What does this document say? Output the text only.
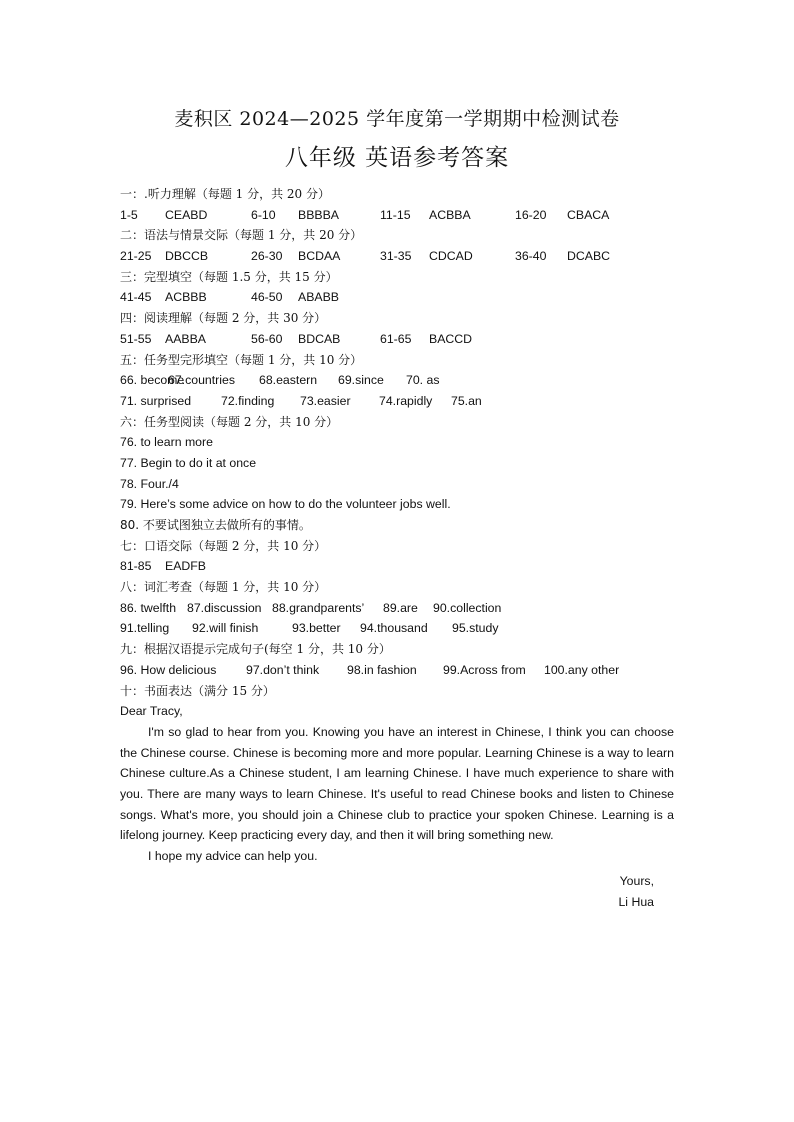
麦积区 2024—2025 学年度第一学期期中检测试卷
八年级 英语参考答案
一：.听力理解（每题 1 分，共 20 分）
1-5 CEABD	6-10 BBBBA	11-15 ACBBA	16-20 CBACA
二：语法与情景交际（每题 1 分，共 20 分）
21-25 DBCCB	26-30 BCDAA	31-35 CDCAD	36-40 DCABC
三：完型填空（每题 1.5 分，共 15 分）
41-45 ACBBB	46-50 ABABB
四：阅读理解（每题 2 分，共 30 分）
51-55 AABBA	56-60 BDCAB	61-65 BACCD
五：任务型完形填空（每题 1 分，共 10 分）
66. become67.countries 68.eastern 69.since 70. as
71. surprised 72.finding 73.easier 74.rapidly 75.an
六：任务型阅读（每题 2 分，共 10 分）
76. to learn more
77. Begin to do it at once
78. Four./4
79. Here’s some advice on how to do the volunteer jobs well.
80. 不要试图独立去做所有的事情。
七：口语交际（每题 2 分，共 10 分）
81-85 EADFB
八：词汇考查（每题 1 分，共 10 分）
86. twelfth 87.discussion 88.grandparents’ 89.are 90.collection
91.telling 92.will finish	93.better 94.thousand 95.study
九：根据汉语提示完成句子(每空 1 分，共 10 分）
96. How delicious 97.don’t think 98.in fashion 99.Across from 100.any other
十：书面表达（满分 15 分）
Dear Tracy,

I'm so glad to hear from you. Knowing you have an interest in Chinese, I think you can choose the Chinese course. Chinese is becoming more and more popular. Learning Chinese is a way to learn Chinese culture.As a Chinese student, I am learning Chinese. I have much experience to share with you. There are many ways to learn Chinese. It's useful to read Chinese books and listen to Chinese songs. What's more, you should join a Chinese club to practice your spoken Chinese. Learning is a lifelong journey. Keep practicing every day, and then it will bring something new.

I hope my advice can help you.

Yours,
Li Hua
